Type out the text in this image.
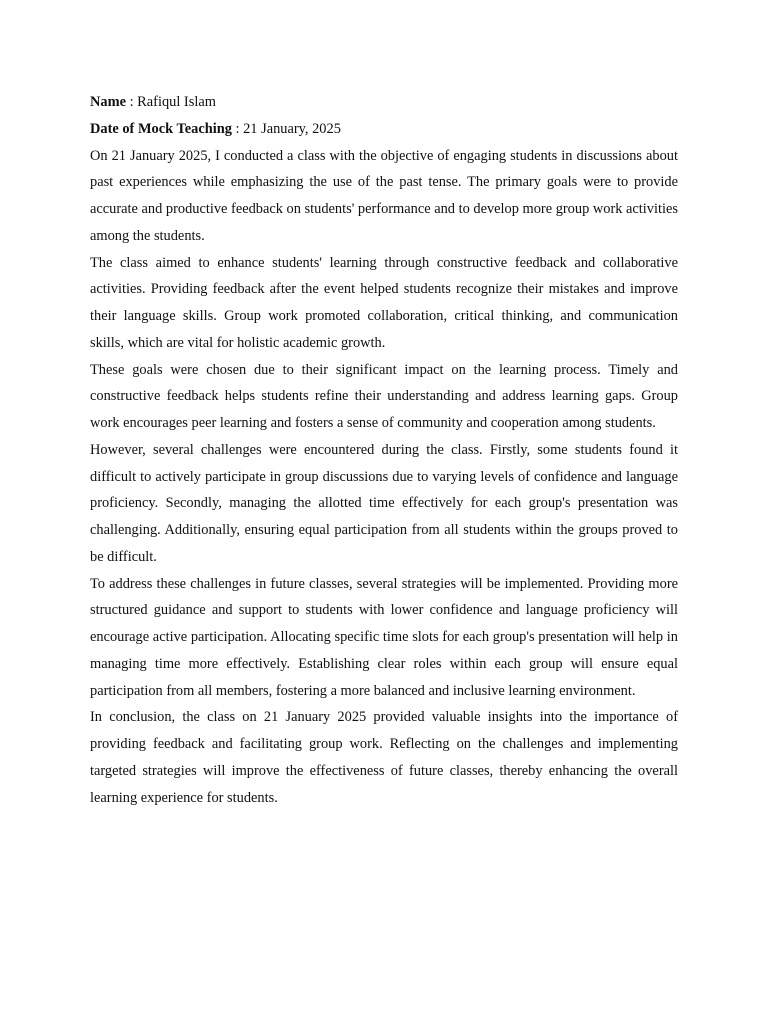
Name : Rafiqul Islam

Date of Mock Teaching : 21 January, 2025

On 21 January 2025, I conducted a class with the objective of engaging students in discussions about past experiences while emphasizing the use of the past tense. The primary goals were to provide accurate and productive feedback on students' performance and to develop more group work activities among the students.

The class aimed to enhance students' learning through constructive feedback and collaborative activities. Providing feedback after the event helped students recognize their mistakes and improve their language skills. Group work promoted collaboration, critical thinking, and communication skills, which are vital for holistic academic growth.

These goals were chosen due to their significant impact on the learning process. Timely and constructive feedback helps students refine their understanding and address learning gaps. Group work encourages peer learning and fosters a sense of community and cooperation among students.

However, several challenges were encountered during the class. Firstly, some students found it difficult to actively participate in group discussions due to varying levels of confidence and language proficiency. Secondly, managing the allotted time effectively for each group's presentation was challenging. Additionally, ensuring equal participation from all students within the groups proved to be difficult.

To address these challenges in future classes, several strategies will be implemented. Providing more structured guidance and support to students with lower confidence and language proficiency will encourage active participation. Allocating specific time slots for each group's presentation will help in managing time more effectively. Establishing clear roles within each group will ensure equal participation from all members, fostering a more balanced and inclusive learning environment.

In conclusion, the class on 21 January 2025 provided valuable insights into the importance of providing feedback and facilitating group work. Reflecting on the challenges and implementing targeted strategies will improve the effectiveness of future classes, thereby enhancing the overall learning experience for students.
